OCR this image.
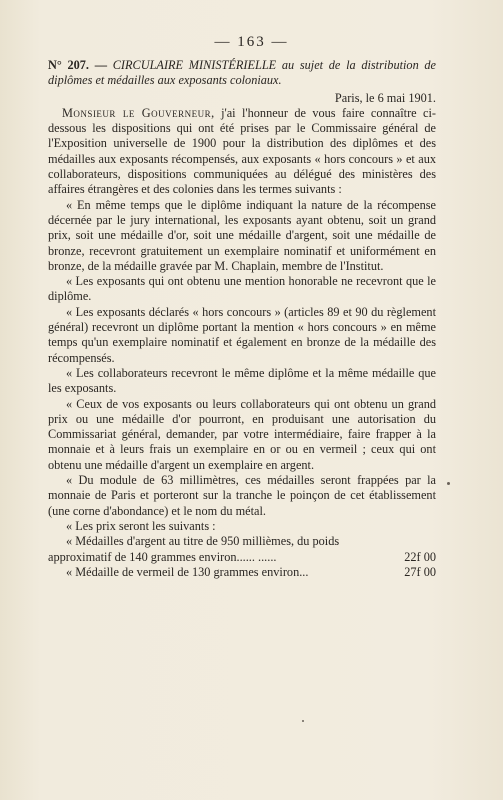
— 163 —

N° 207. — CIRCULAIRE MINISTÉRIELLE au sujet de la distribution de diplômes et médailles aux exposants coloniaux.

Paris, le 6 mai 1901.

Monsieur le Gouverneur, j'ai l'honneur de vous faire connaître ci-dessous les dispositions qui ont été prises par le Commissaire général de l'Exposition universelle de 1900 pour la distribution des diplômes et des médailles aux exposants récompensés, aux exposants « hors concours » et aux collaborateurs, dispositions communiquées au délégué des ministères des affaires étrangères et des colonies dans les termes suivants :

« En même temps que le diplôme indiquant la nature de la récompense décernée par le jury international, les exposants ayant obtenu, soit un grand prix, soit une médaille d'or, soit une médaille d'argent, soit une médaille de bronze, recevront gratuitement un exemplaire nominatif et uniformément en bronze, de la médaille gravée par M. Chaplain, membre de l'Institut.

« Les exposants qui ont obtenu une mention honorable ne recevront que le diplôme.

« Les exposants déclarés « hors concours » (articles 89 et 90 du règlement général) recevront un diplôme portant la mention « hors concours » en même temps qu'un exemplaire nominatif et également en bronze de la médaille des récompensés.

« Les collaborateurs recevront le même diplôme et la même médaille que les exposants.

« Ceux de vos exposants ou leurs collaborateurs qui ont obtenu un grand prix ou une médaille d'or pourront, en produisant une autorisation du Commissariat général, demander, par votre intermédiaire, faire frapper à la monnaie et à leurs frais un exemplaire en or ou en vermeil ; ceux qui ont obtenu une médaille d'argent un exemplaire en argent.

« Du module de 63 millimètres, ces médailles seront frappées par la monnaie de Paris et porteront sur la tranche le poinçon de cet établissement (une corne d'abondance) et le nom du métal.

« Les prix seront les suivants :

« Médailles d'argent au titre de 950 millièmes, du poids

approximatif de 140 grammes environ...... ......	22f 00

« Médaille de vermeil de 130 grammes environ...	27f 00
